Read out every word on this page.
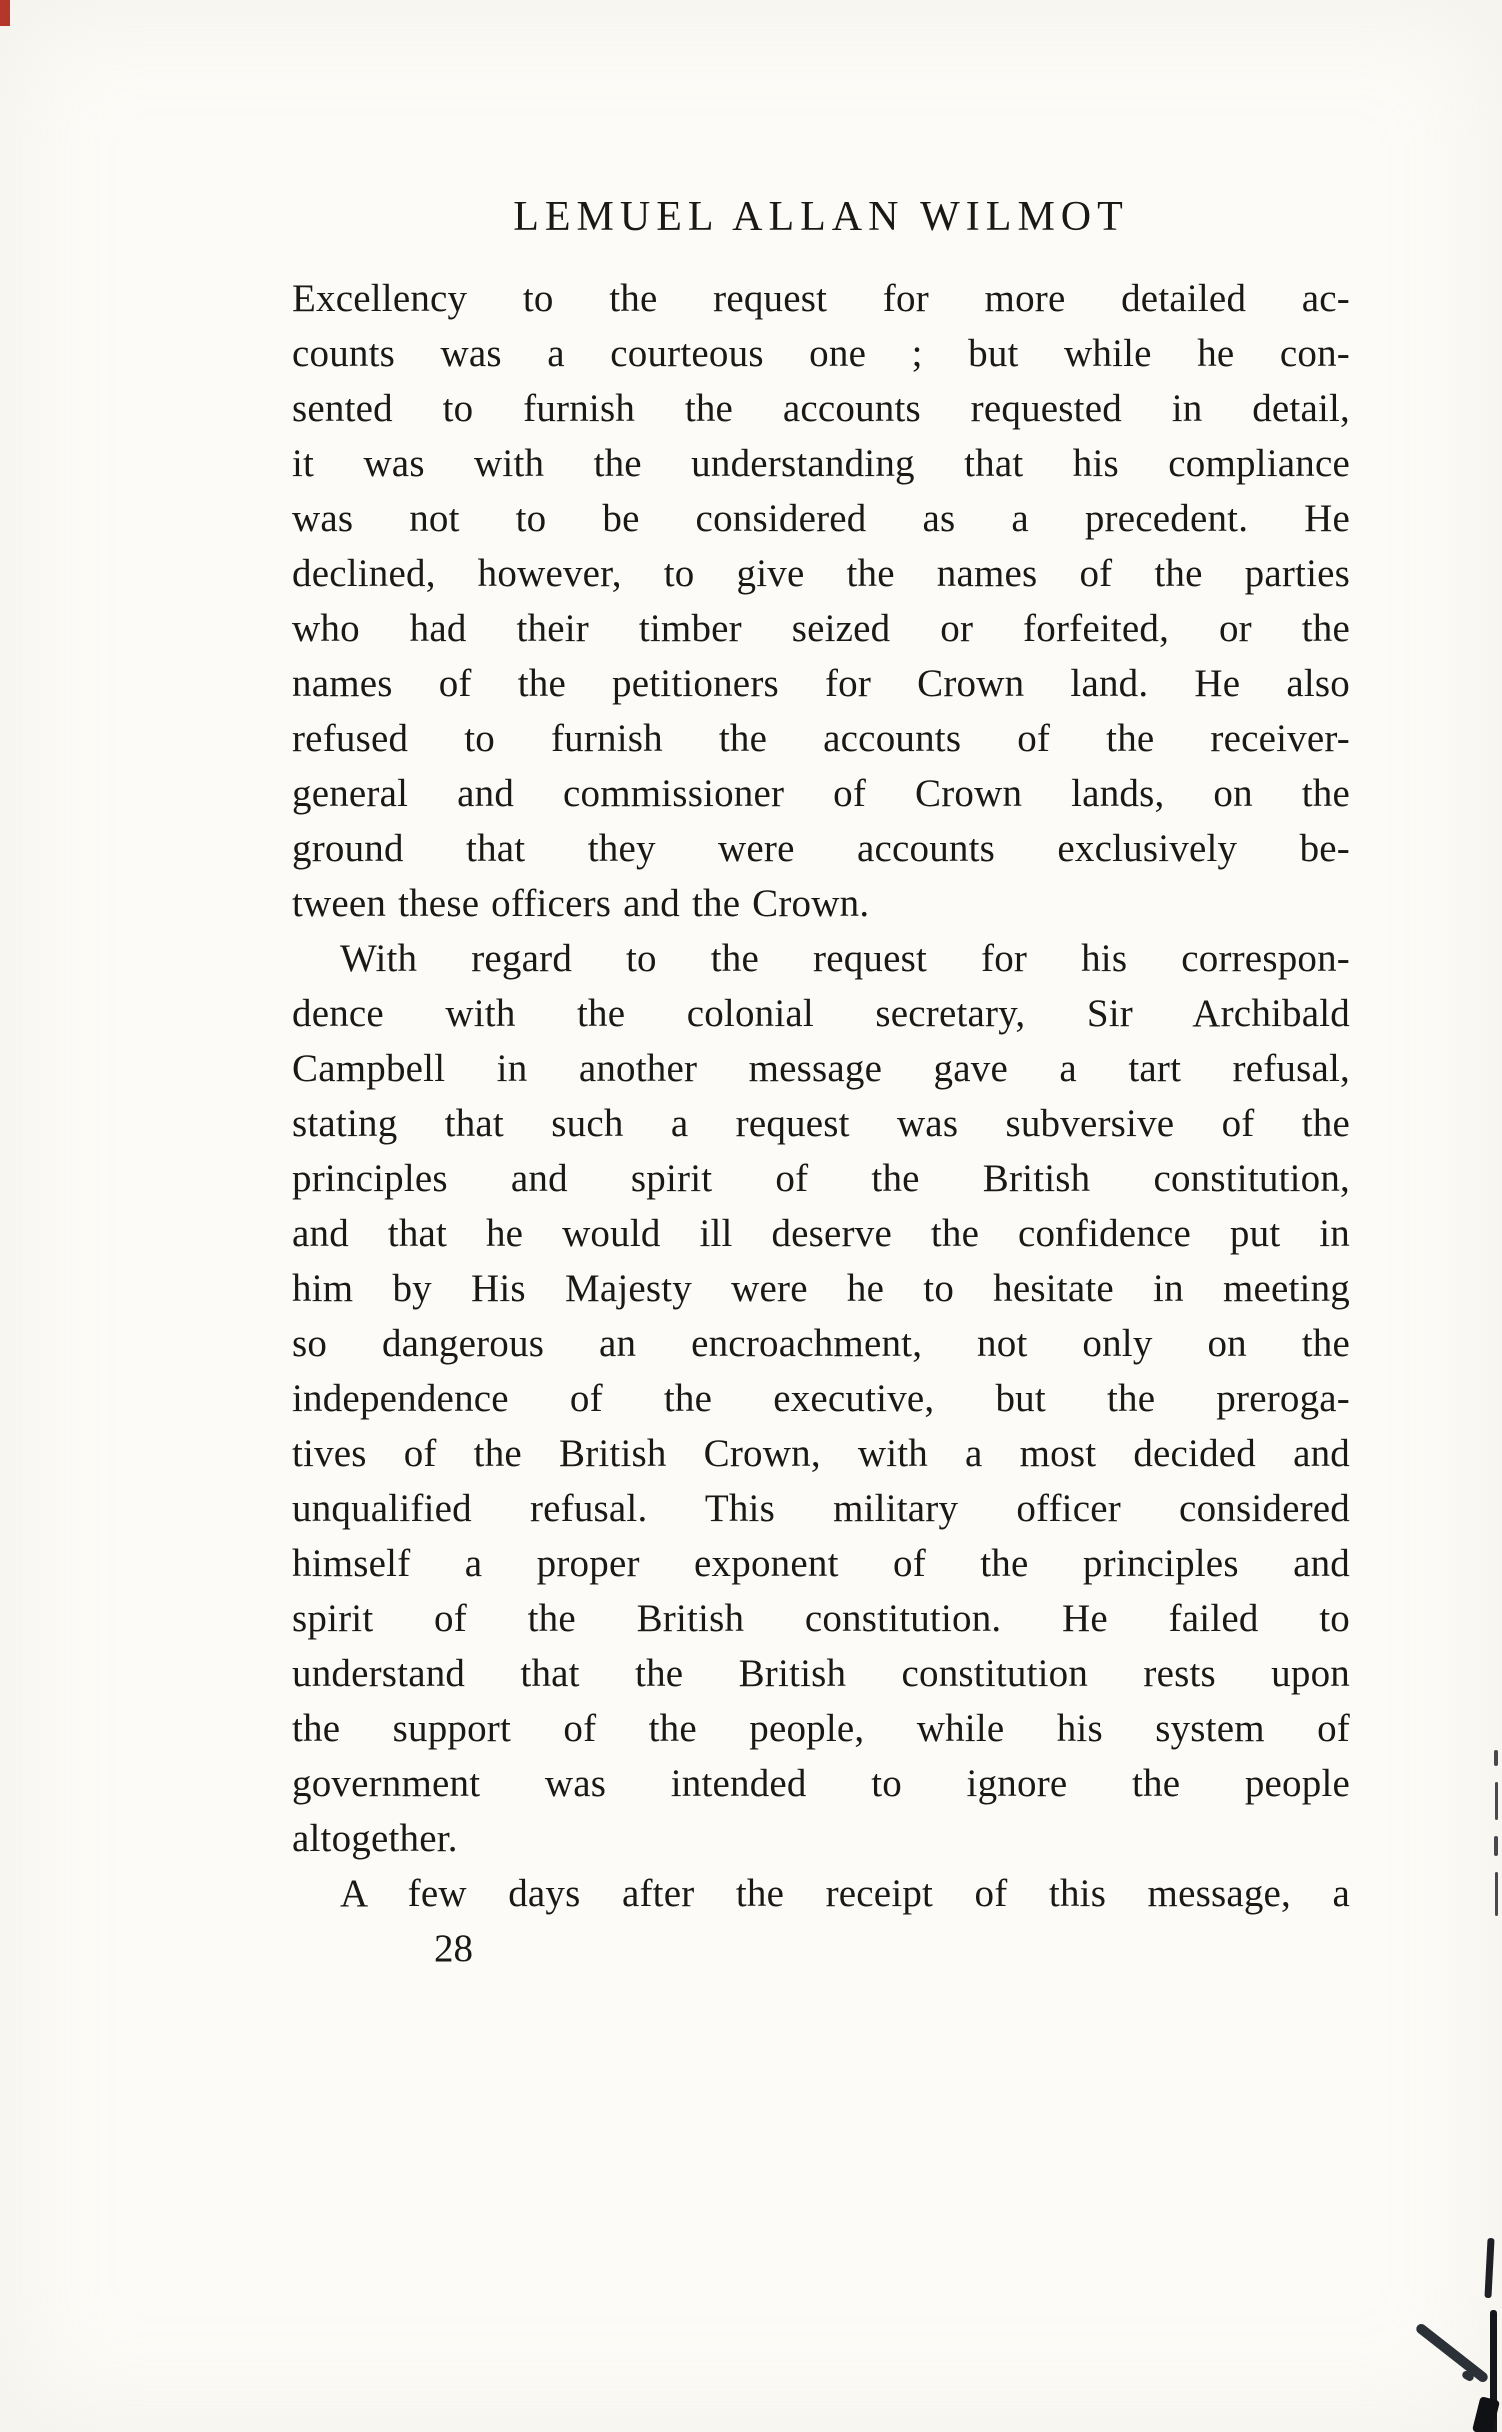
LEMUEL ALLAN WILMOT
Excellency to the request for more detailed ac-
counts was a courteous one ; but while he con-
sented to furnish the accounts requested in detail,
it was with the understanding that his compliance
was not to be considered as a precedent. He
declined, however, to give the names of the parties
who had their timber seized or forfeited, or the
names of the petitioners for Crown land. He also
refused to furnish the accounts of the receiver-
general and commissioner of Crown lands, on the
ground that they were accounts exclusively be-
tween these officers and the Crown.
With regard to the request for his correspon-
dence with the colonial secretary, Sir Archibald
Campbell in another message gave a tart refusal,
stating that such a request was subversive of the
principles and spirit of the British constitution,
and that he would ill deserve the confidence put in
him by His Majesty were he to hesitate in meeting
so dangerous an encroachment, not only on the
independence of the executive, but the preroga-
tives of the British Crown, with a most decided and
unqualified refusal. This military officer considered
himself a proper exponent of the principles and
spirit of the British constitution. He failed to
understand that the British constitution rests upon
the support of the people, while his system of
government was intended to ignore the people
altogether.
A few days after the receipt of this message, a
28
